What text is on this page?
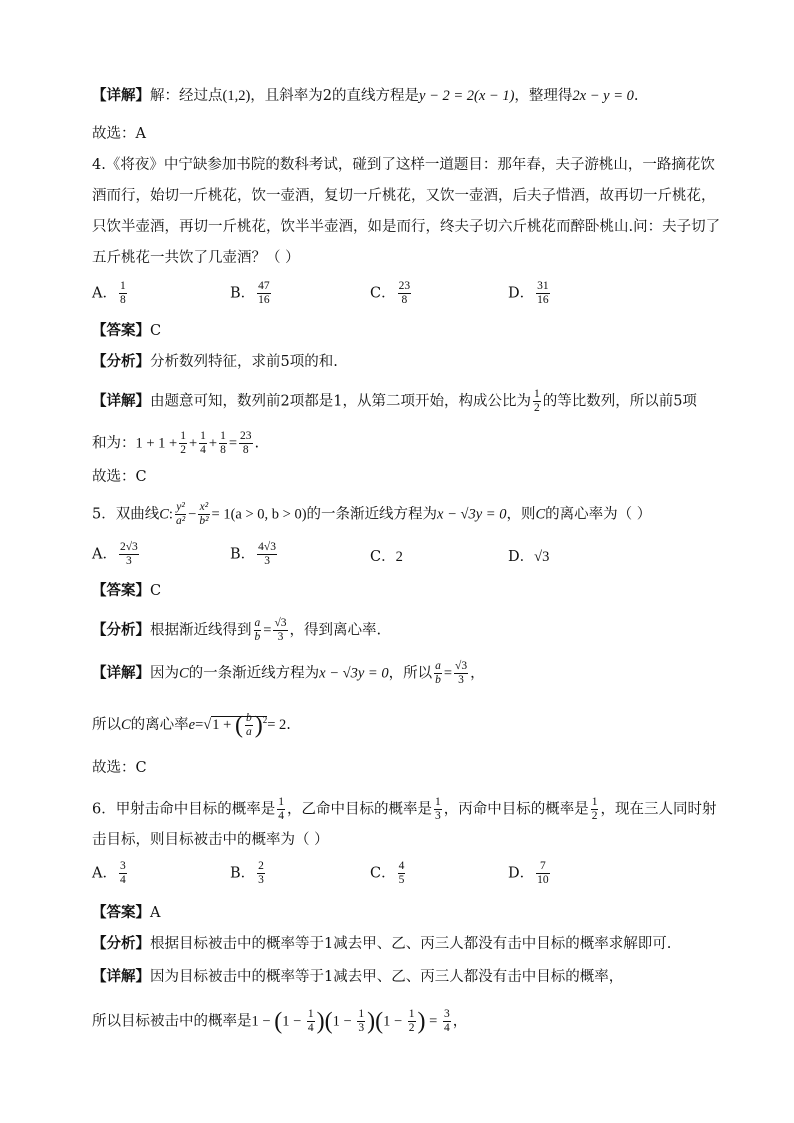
【详解】解：经过点(1,2)，且斜率为2的直线方程是y − 2 = 2(x − 1)，整理得2x − y = 0.
故选：A
4.《将夜》中宁缺参加书院的数科考试，碰到了这样一道题目：那年春，夫子游桃山，一路摘花饮
酒而行，始切一斤桃花，饮一壶酒，复切一斤桃花，又饮一壶酒，后夫子惜酒，故再切一斤桃花，
只饮半壶酒，再切一斤桃花，饮半半壶酒，如是而行，终夫子切六斤桃花而醉卧桃山.问：夫子切了
五斤桃花一共饮了几壶酒？（ ）
A． $\frac{1}{8}$	B． $\frac{47}{16}$	C． $\frac{23}{8}$	D． $\frac{31}{16}$
【答案】C
【分析】分析数列特征，求前5项的和.
【详解】由题意可知，数列前2项都是1，从第二项开始，构成公比为 $\frac{1}{2}$ 的等比数列，所以前5项
和为：$1 + 1 + \frac{1}{2} + \frac{1}{4} + \frac{1}{8} = \frac{23}{8}$ .
故选：C
5．双曲线C: $\frac{\text{y²}}{\text{a²}} - \frac{\text{x²}}{\text{b²}} = 1(a > 0$, b > 0)的一条渐近线方程为x − √3y = 0，则C的离心率为（ ）
A． $\frac{2√3}{3}$	B． $\frac{4√3}{3}$	C．2	D．√3
【答案】C
【分析】根据渐近线得到 $\frac{a}{b} = \frac{√3}{3}$ ，得到离心率.
【详解】因为C的一条渐近线方程为x − √3y = 0，所以 $\frac{a}{b} = \frac{√3}{3}$ ，
所以C的离心率e=√1 + ( $\frac{b}{a} )^2= 2$.
故选：C
6．甲射击命中目标的概率是 $\frac{1}{4}$ ，乙命中目标的概率是 $\frac{1}{3}$ ，丙命中目标的概率是 $\frac{1}{2}$ ，现在三人同时射
击目标，则目标被击中的概率为（ ）
A． $\frac{3}{4}$	B． $\frac{2}{3}$	C． $\frac{4}{5}$	D． $\frac{7}{10}$
【答案】A
【分析】根据目标被击中的概率等于1减去甲、乙、丙三人都没有击中目标的概率求解即可.
【详解】因为目标被击中的概率等于1减去甲、乙、丙三人都没有击中目标的概率，
所以目标被击中的概率是$1 - (1 - \frac{1}{4} )(1 - \frac{1}{3} )(1 - \frac{1}{2}$ ) = $\frac{3}{4}$ ，
